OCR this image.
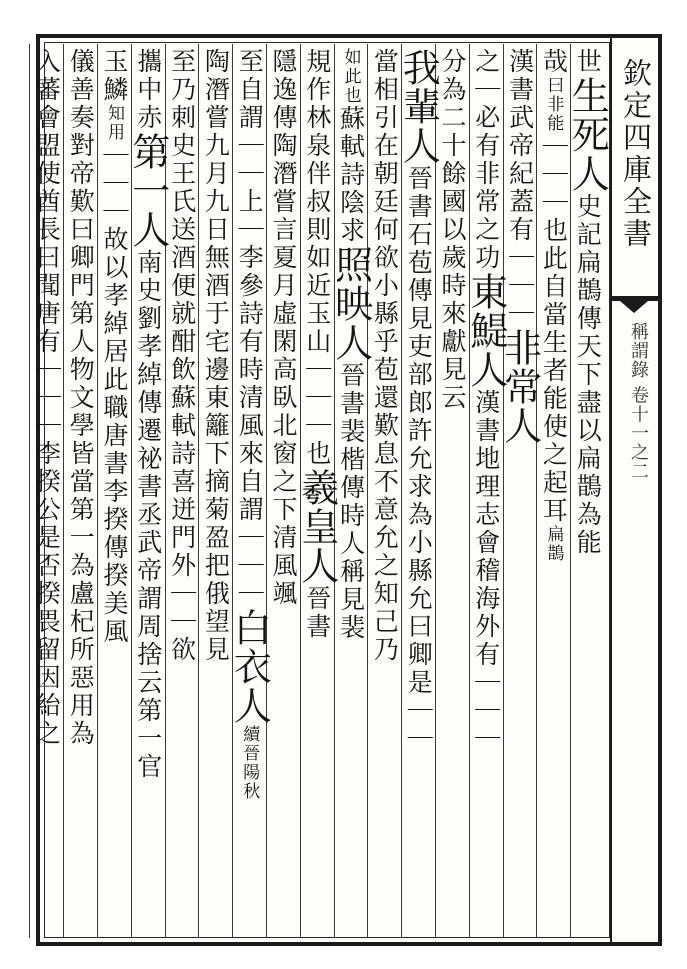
欽定四庫全書
稱謂錄 卷十一之二
世生死人史記扁鵲傳天下盡以扁鵲為能
哉曰非能｜｜｜也此自當生者能使之起耳扁鵲
漢書武帝紀蓋有｜｜｜非常人
之｜必有非常之功東鯷人漢書地理志會稽海外有｜｜｜
分為二十餘國以歲時來獻見云
我輩人晉書石苞傳見吏部郎許允求為小縣允曰卿是｜｜
當相引在朝廷何欲小縣乎苞還歎息不意允之知己乃
如此也蘇軾詩陰求照映人晉書裴楷傳時人稱見裴
規作林泉伴叔則如近玉山｜｜｜也羲皇人晉書
隱逸傳陶潛嘗言夏月虛閑高臥北窗之下清風颯
至自謂｜｜上｜李參詩有時清風來自謂｜｜｜白衣人續晉陽秋
陶潛嘗九月九日無酒于宅邊東籬下摘菊盈把俄望見
至乃刺史王氏送酒便就酣飲蘇軾詩喜迸門外｜｜欲
攜中赤第一人南史劉孝綽傳遷祕書丞武帝謂周捨云第一官
玉鱗知用｜｜｜故以孝綽居此職唐書李揆傳揆美風
儀善奏對帝歎曰卿門第人物文學皆當第一為盧杞所惡用為
入蕃會盟使酋長曰聞唐有｜｜｜李揆公是否揆畏留因紿之
